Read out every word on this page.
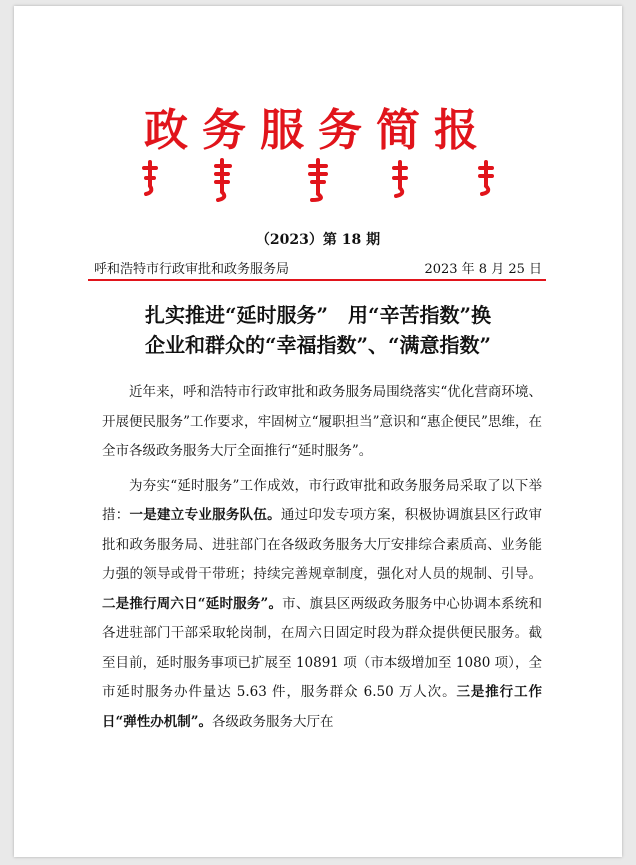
政务服务简报
（2023）第 18 期
呼和浩特市行政审批和政务服务局	2023 年 8 月 25 日
扎实推进“延时服务”　用“辛苦指数”换
企业和群众的“幸福指数”、“满意指数”

近年来，呼和浩特市行政审批和政务服务局围绕落实“优化营商环境、开展便民服务”工作要求，牢固树立“履职担当”意识和“惠企便民”思维，在全市各级政务服务大厅全面推行“延时服务”。

为夯实“延时服务”工作成效，市行政审批和政务服务局采取了以下举措：一是建立专业服务队伍。通过印发专项方案，积极协调旗县区行政审批和政务服务局、进驻部门在各级政务服务大厅安排综合素质高、业务能力强的领导或骨干带班；持续完善规章制度，强化对人员的规制、引导。二是推行周六日“延时服务”。市、旗县区两级政务服务中心协调本系统和各进驻部门干部采取轮岗制，在周六日固定时段为群众提供便民服务。截至目前，延时服务事项已扩展至 10891 项（市本级增加至 1080 项），全市延时服务办件量达 5.63 件，服务群众 6.50 万人次。三是推行工作日“弹性办机制”。各级政务服务大厅在
